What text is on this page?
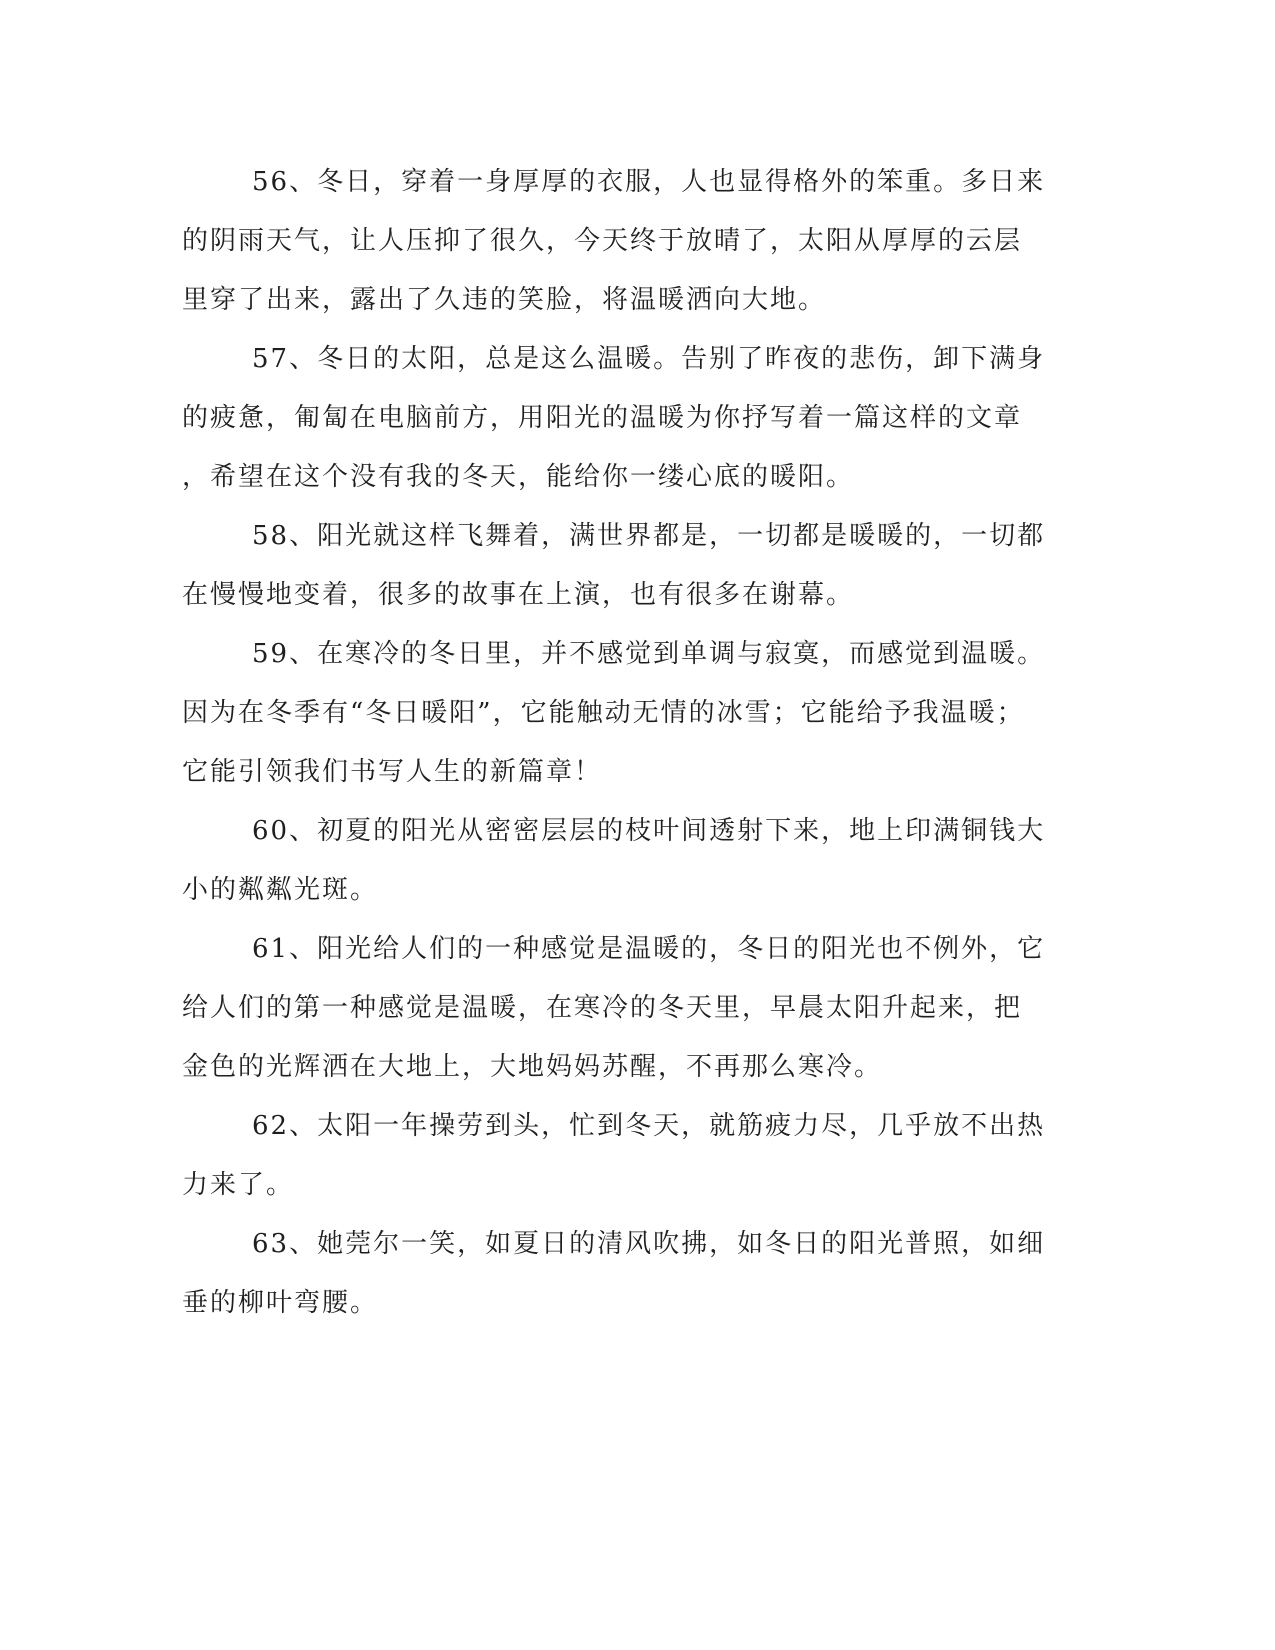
56、冬日，穿着一身厚厚的衣服，人也显得格外的笨重。多日来
的阴雨天气，让人压抑了很久，今天终于放晴了，太阳从厚厚的云层
里穿了出来，露出了久违的笑脸，将温暖洒向大地。
57、冬日的太阳，总是这么温暖。告别了昨夜的悲伤，卸下满身
的疲惫，匍匐在电脑前方，用阳光的温暖为你抒写着一篇这样的文章
，希望在这个没有我的冬天，能给你一缕心底的暖阳。
58、阳光就这样飞舞着，满世界都是，一切都是暖暖的，一切都
在慢慢地变着，很多的故事在上演，也有很多在谢幕。
59、在寒冷的冬日里，并不感觉到单调与寂寞，而感觉到温暖。
因为在冬季有“冬日暖阳”，它能触动无情的冰雪；它能给予我温暖；
它能引领我们书写人生的新篇章！
60、初夏的阳光从密密层层的枝叶间透射下来，地上印满铜钱大
小的粼粼光斑。
61、阳光给人们的一种感觉是温暖的，冬日的阳光也不例外，它
给人们的第一种感觉是温暖，在寒冷的冬天里，早晨太阳升起来，把
金色的光辉洒在大地上，大地妈妈苏醒，不再那么寒冷。
62、太阳一年操劳到头，忙到冬天，就筋疲力尽，几乎放不出热
力来了。
63、她莞尔一笑，如夏日的清风吹拂，如冬日的阳光普照，如细
垂的柳叶弯腰。
